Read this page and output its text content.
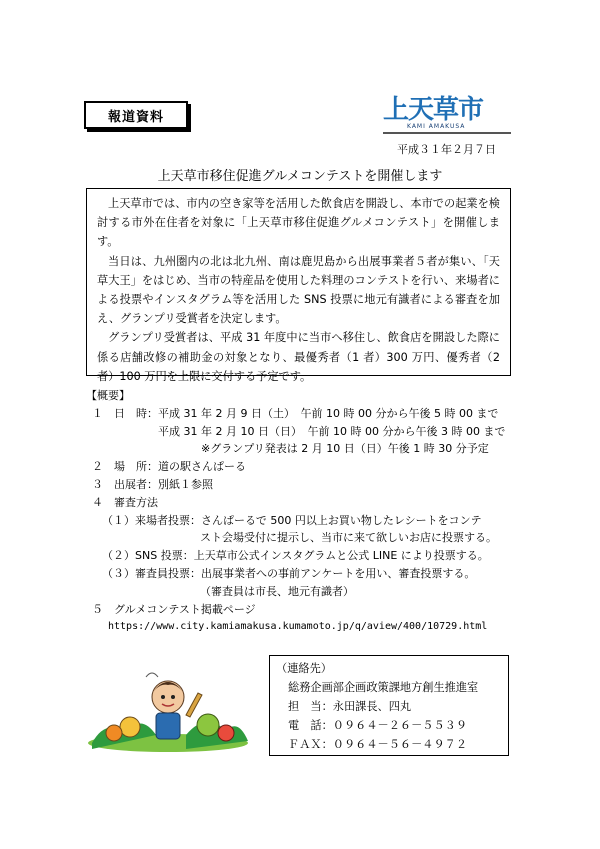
報道資料	上天草市
KAMI AMAKUSA
平成３１年２月７日
上天草市移住促進グルメコンテストを開催します

上天草市では、市内の空き家等を活用した飲食店を開設し、本市での起業を検討する市外在住者を対象に「上天草市移住促進グルメコンテスト」を開催します。

当日は、九州圏内の北は北九州、南は鹿児島から出展事業者５者が集い、「天草大王」をはじめ、当市の特産品を使用した料理のコンテストを行い、来場者による投票やインスタグラム等を活用した SNS 投票に地元有識者による審査を加え、グランプリ受賞者を決定します。

グランプリ受賞者は、平成 31 年度中に当市へ移住し、飲食店を開設した際に係る店舗改修の補助金の対象となり、最優秀者（1 者）300 万円、優秀者（2 者）100 万円を上限に交付する予定です。

【概要】
１　日　時：平成 31 年 2 月 9 日（土）　午前 10 時 00 分から午後 5 時 00 まで
平成 31 年 2 月 10 日（日）　午前 10 時 00 分から午後 3 時 00 まで
※グランプリ発表は 2 月 10 日（日）午後 1 時 30 分予定
２　場　所：道の駅さんぱーる
３　出展者：別紙１参照
４　審査方法
（１）来場者投票：さんぱーるで 500 円以上お買い物したレシートをコンテ
スト会場受付に提示し、当市に来て欲しいお店に投票する。
（２）SNS 投票：上天草市公式インスタグラムと公式 LINE により投票する。
（３）審査員投票：出展事業者への事前アンケートを用い、審査投票する。
（審査員は市長、地元有識者）
５　グルメコンテスト掲載ページ
https://www.city.kamiamakusa.kumamoto.jp/q/aview/400/10729.html
（連絡先）
総務企画部企画政策課地方創生推進室
担　当：永田課長、四丸
電　話：０９６４－２６－５５３９
ＦＡＸ：０９６４－５６－４９７２
